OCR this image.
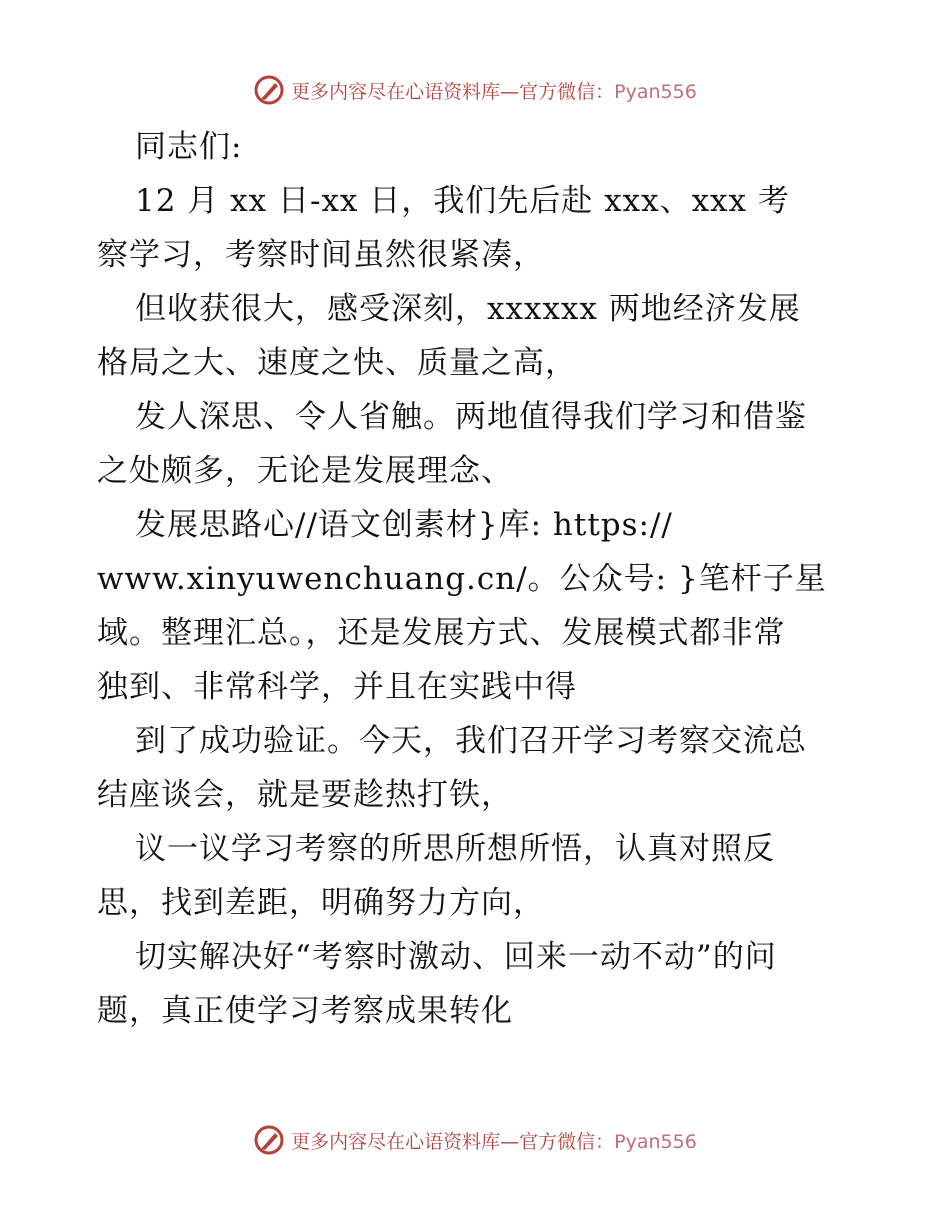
更多内容尽在心语资料库—官方微信：Pyan556
同志们:
12 月 xx 日-xx 日，我们先后赴 xxx、xxx 考
察学习，考察时间虽然很紧凑，
但收获很大，感受深刻，xxxxxx 两地经济发展
格局之大、速度之快、质量之高，
发人深思、令人省触。两地值得我们学习和借鉴
之处颇多，无论是发展理念、
发展思路心//语文创素材}库: https://
www.xinyuwenchuang.cn/。公众号: }笔杆子星
域。整理汇总。，还是发展方式、发展模式都非常
独到、非常科学，并且在实践中得
到了成功验证。今天，我们召开学习考察交流总
结座谈会，就是要趁热打铁，
议一议学习考察的所思所想所悟，认真对照反
思，找到差距，明确努力方向，
切实解决好“考察时激动、回来一动不动”的问
题，真正使学习考察成果转化
更多内容尽在心语资料库—官方微信：Pyan556
